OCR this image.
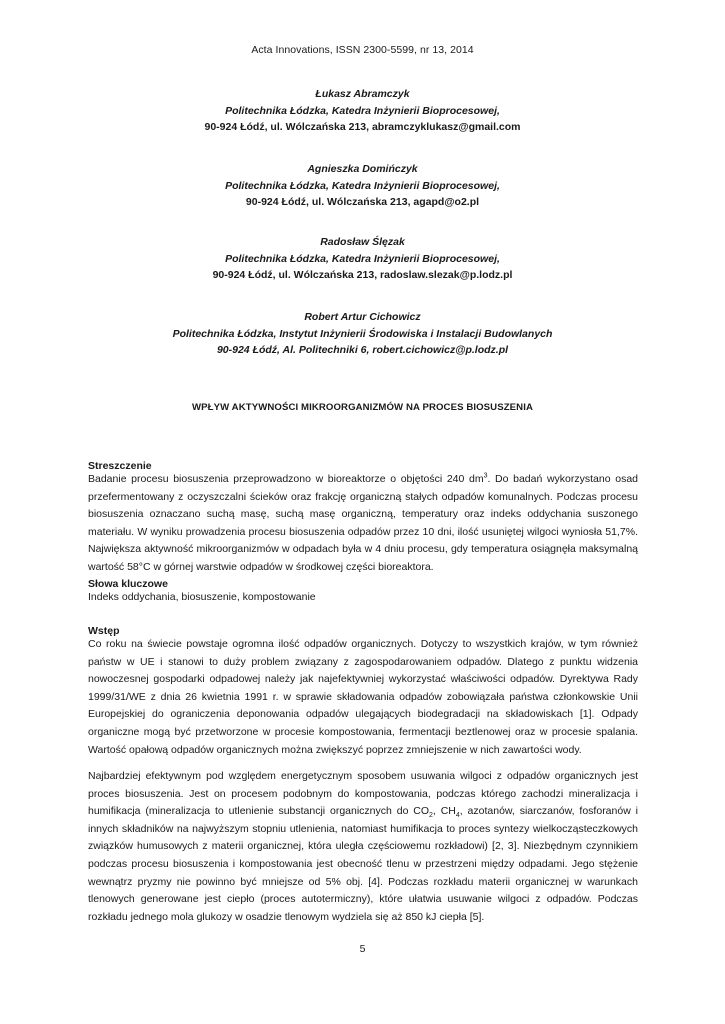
Acta Innovations, ISSN 2300-5599, nr 13, 2014
Łukasz Abramczyk
Politechnika Łódzka, Katedra Inżynierii Bioprocesowej,
90-924 Łódź, ul. Wólczańska 213, abramczyklukasz@gmail.com
Agnieszka Domińczyk
Politechnika Łódzka, Katedra Inżynierii Bioprocesowej,
90-924 Łódź, ul. Wólczańska 213, agapd@o2.pl
Radosław Ślęzak
Politechnika Łódzka, Katedra Inżynierii Bioprocesowej,
90-924 Łódź, ul. Wólczańska 213, radoslaw.slezak@p.lodz.pl
Robert Artur Cichowicz
Politechnika Łódzka, Instytut Inżynierii Środowiska i Instalacji Budowlanych
90-924 Łódź, Al. Politechniki 6, robert.cichowicz@p.lodz.pl
WPŁYW AKTYWNOŚCI MIKROORGANIZMÓW NA PROCES BIOSUSZENIA
Streszczenie
Badanie procesu biosuszenia przeprowadzono w bioreaktorze o objętości 240 $dm^3$. Do badań wykorzystano osad przefermentowany z oczyszczalni ścieków oraz frakcję organiczną stałych odpadów komunalnych. Podczas procesu biosuszenia oznaczano suchą masę, suchą masę organiczną, temperatury oraz indeks oddychania suszonego materiału. W wyniku prowadzenia procesu biosuszenia odpadów przez 10 dni, ilość usuniętej wilgoci wyniosła 51,7%. Największa aktywność mikroorganizmów w odpadach była w 4 dniu procesu, gdy temperatura osiągnęła maksymalną wartość 58°C w górnej warstwie odpadów w środkowej części bioreaktora.
Słowa kluczowe
Indeks oddychania, biosuszenie, kompostowanie
Wstęp
Co roku na świecie powstaje ogromna ilość odpadów organicznych. Dotyczy to wszystkich krajów, w tym również państw w UE i stanowi to duży problem związany z zagospodarowaniem odpadów. Dlatego z punktu widzenia nowoczesnej gospodarki odpadowej należy jak najefektywniej wykorzystać właściwości odpadów. Dyrektywa Rady 1999/31/WE z dnia 26 kwietnia 1991 r. w sprawie składowania odpadów zobowiązała państwa członkowskie Unii Europejskiej do ograniczenia deponowania odpadów ulegających biodegradacji na składowiskach [1]. Odpady organiczne mogą być przetworzone w procesie kompostowania, fermentacji beztlenowej oraz w procesie spalania. Wartość opałową odpadów organicznych można zwiększyć poprzez zmniejszenie w nich zawartości wody.
Najbardziej efektywnym pod względem energetycznym sposobem usuwania wilgoci z odpadów organicznych jest proces biosuszenia. Jest on procesem podobnym do kompostowania, podczas którego zachodzi mineralizacja i humifikacja (mineralizacja to utlenienie substancji organicznych do $CO_2$, $CH_4$, azotanów, siarczanów, fosforanów i innych składników na najwyższym stopniu utlenienia, natomiast humifikacja to proces syntezy wielkocząsteczkowych związków humusowych z materii organicznej, która uległa częściowemu rozkładowi) [2, 3]. Niezbędnym czynnikiem podczas procesu biosuszenia i kompostowania jest obecność tlenu w przestrzeni między odpadami. Jego stężenie wewnątrz pryzmy nie powinno być mniejsze od 5% obj. [4]. Podczas rozkładu materii organicznej w warunkach tlenowych generowane jest ciepło (proces autotermiczny), które ułatwia usuwanie wilgoci z odpadów. Podczas rozkładu jednego mola glukozy w osadzie tlenowym wydziela się aż 850 kJ ciepła [5].
5
